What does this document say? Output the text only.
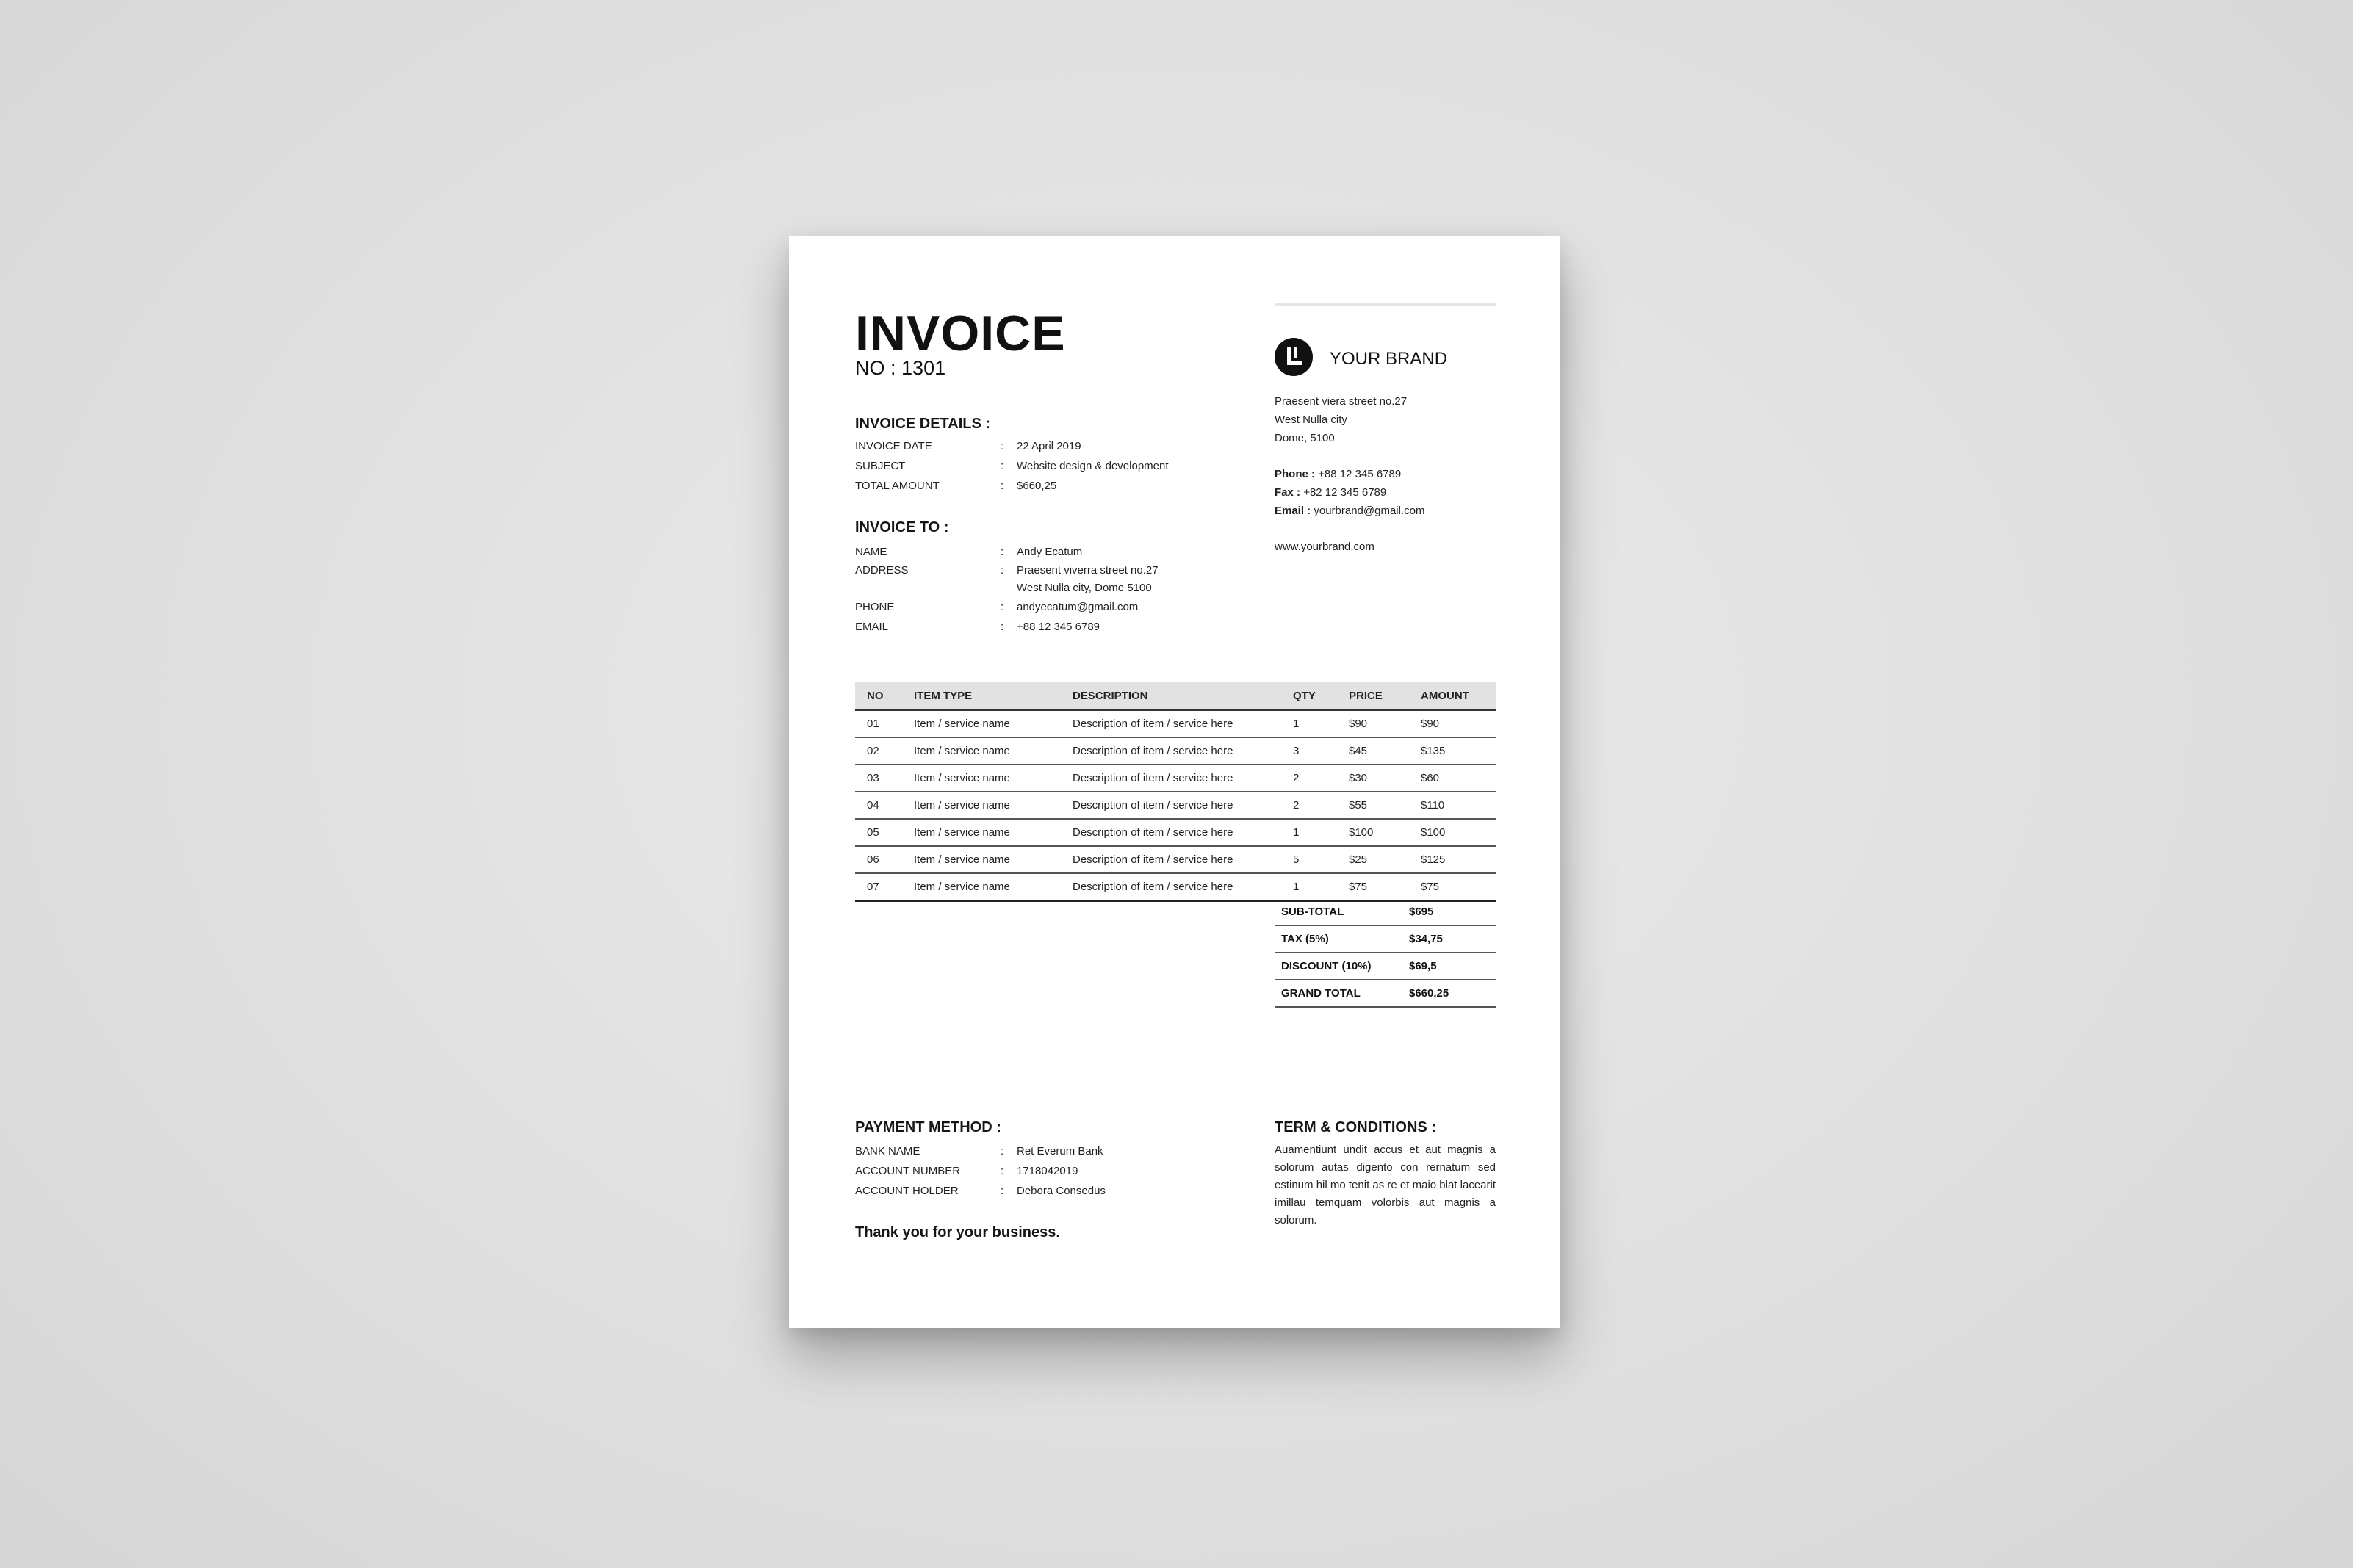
INVOICE
NO : 1301
INVOICE DETAILS :
INVOICE DATE	:	22 April 2019
SUBJECT	:	Website design & development
TOTAL AMOUNT	:	$660,25
INVOICE TO :
NAME	:	Andy Ecatum
ADDRESS	:	Praesent viverra street no.27
West Nulla city, Dome 5100
PHONE	:	andyecatum@gmail.com
EMAIL	:	+88 12 345 6789
YOUR BRAND
Praesent viera street no.27
West Nulla city
Dome, 5100
Phone : +88 12 345 6789
Fax : +82 12 345 6789
Email : yourbrand@gmail.com
www.yourbrand.com
NO	ITEM TYPE	DESCRIPTION	QTY	PRICE	AMOUNT
01	Item / service name	Description of item / service here	1	$90	$90
02	Item / service name	Description of item / service here	3	$45	$135
03	Item / service name	Description of item / service here	2	$30	$60
04	Item / service name	Description of item / service here	2	$55	$110
05	Item / service name	Description of item / service here	1	$100	$100
06	Item / service name	Description of item / service here	5	$25	$125
07	Item / service name	Description of item / service here	1	$75	$75
SUB-TOTAL	$695
TAX (5%)	$34,75
DISCOUNT (10%)	$69,5
GRAND TOTAL	$660,25
PAYMENT METHOD :
BANK NAME	:	Ret Everum Bank
ACCOUNT NUMBER	:	1718042019
ACCOUNT HOLDER	:	Debora Consedus
Thank you for your business.
TERM & CONDITIONS :
Auamentiunt undit accus et aut magnis a solorum autas digento con rernatum sed estinum hil mo tenit as re et maio blat lacearit imillau temquam volorbis aut magnis a solorum.
